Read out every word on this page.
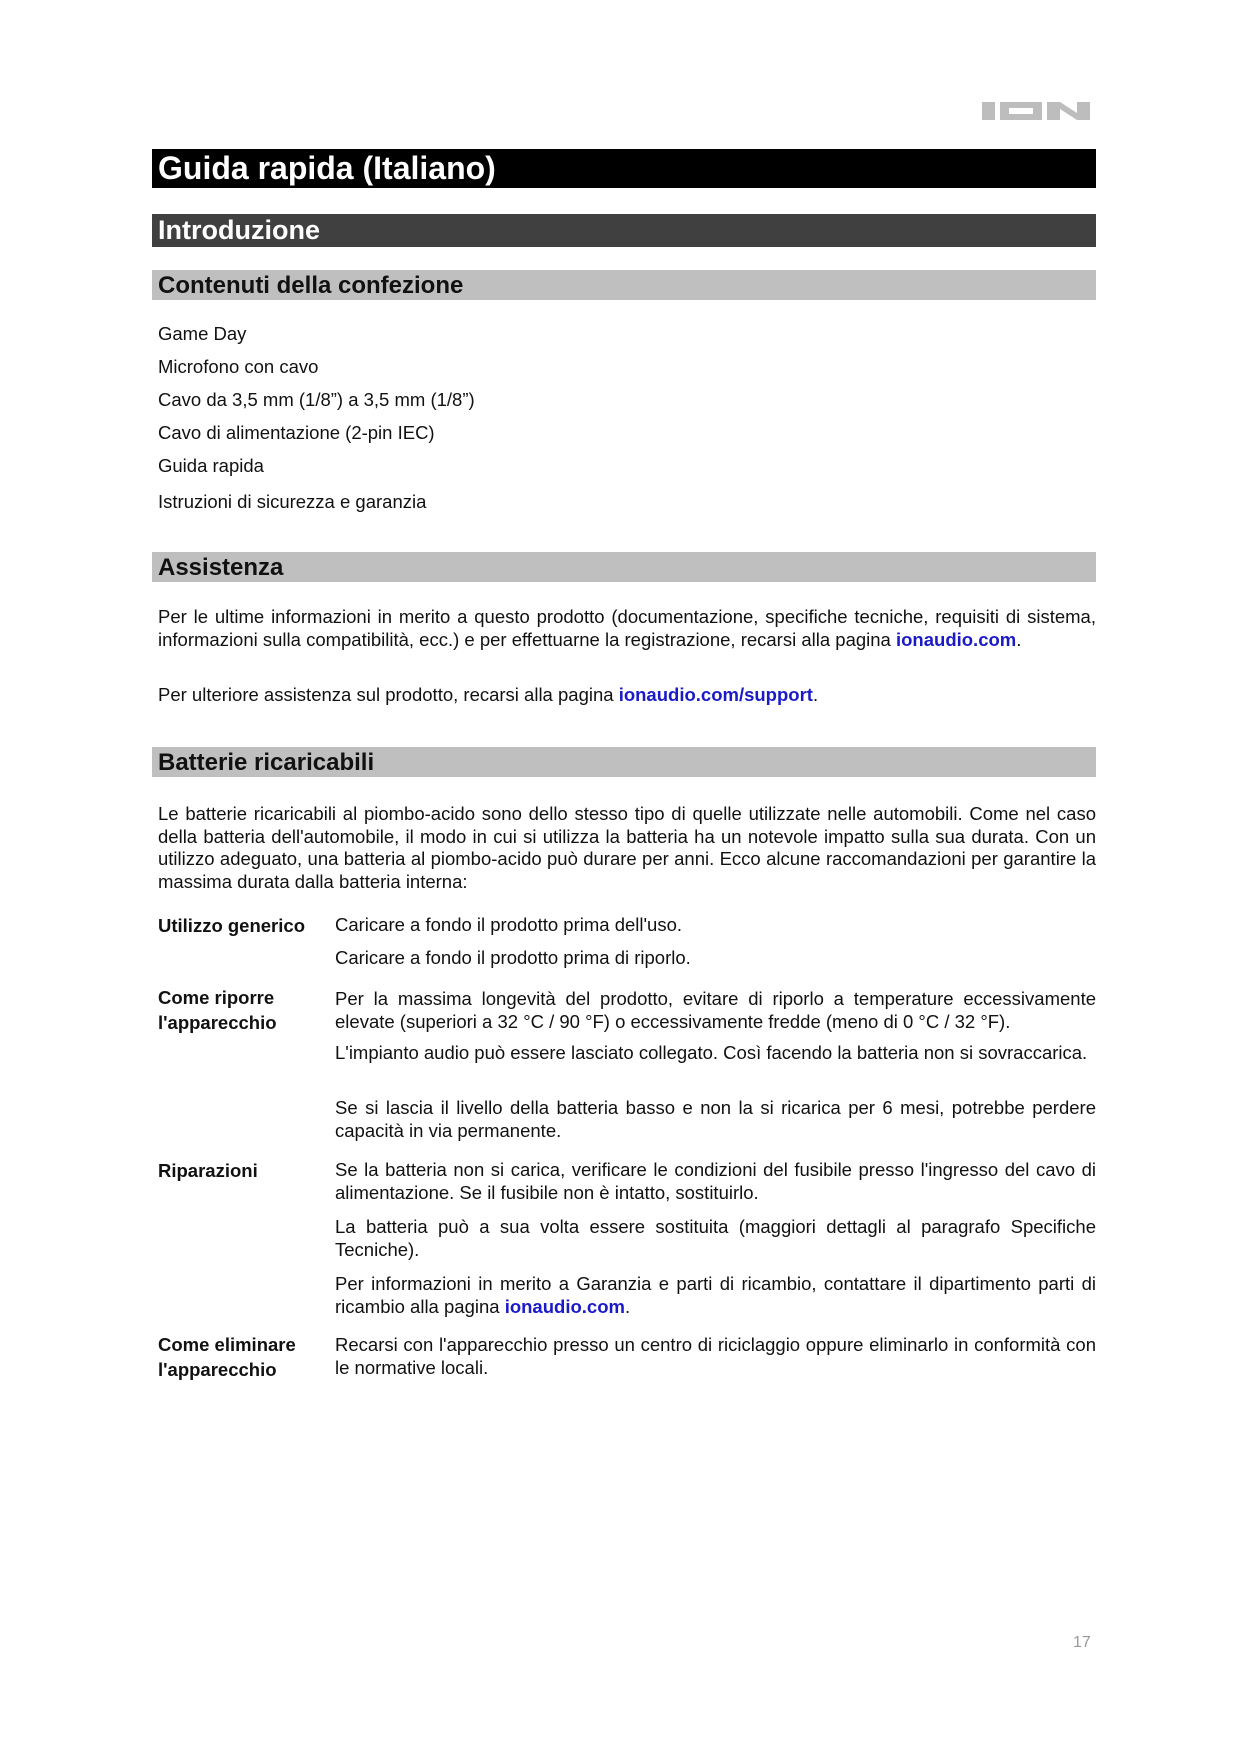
Guida rapida (Italiano)
Introduzione
Contenuti della confezione
Game Day
Microfono con cavo
Cavo da 3,5 mm (1/8”) a 3,5 mm (1/8”)
Cavo di alimentazione (2-pin IEC)
Guida rapida
Istruzioni di sicurezza e garanzia
Assistenza
Per le ultime informazioni in merito a questo prodotto (documentazione, specifiche tecniche, requisiti di sistema, informazioni sulla compatibilità, ecc.) e per effettuarne la registrazione, recarsi alla pagina ionaudio.com.
Per ulteriore assistenza sul prodotto, recarsi alla pagina ionaudio.com/support.
Batterie ricaricabili
Le batterie ricaricabili al piombo-acido sono dello stesso tipo di quelle utilizzate nelle automobili. Come nel caso della batteria dell'automobile, il modo in cui si utilizza la batteria ha un notevole impatto sulla sua durata. Con un utilizzo adeguato, una batteria al piombo-acido può durare per anni. Ecco alcune raccomandazioni per garantire la massima durata dalla batteria interna:
Utilizzo generico	Caricare a fondo il prodotto prima dell'uso.
Caricare a fondo il prodotto prima di riporlo.
Come riporre
l'apparecchio
Per la massima longevità del prodotto, evitare di riporlo a temperature eccessivamente elevate (superiori a 32 °C / 90 °F) o eccessivamente fredde (meno di 0 °C / 32 °F).
L'impianto audio può essere lasciato collegato. Così facendo la batteria non si sovraccarica.
Se si lascia il livello della batteria basso e non la si ricarica per 6 mesi, potrebbe perdere capacità in via permanente.
Riparazioni	Se la batteria non si carica, verificare le condizioni del fusibile presso l'ingresso del cavo di alimentazione. Se il fusibile non è intatto, sostituirlo.
La batteria può a sua volta essere sostituita (maggiori dettagli al paragrafo Specifiche Tecniche).
Per informazioni in merito a Garanzia e parti di ricambio, contattare il dipartimento parti di ricambio alla pagina ionaudio.com.
Come eliminare
l'apparecchio
Recarsi con l'apparecchio presso un centro di riciclaggio oppure eliminarlo in conformità con le normative locali.
17
